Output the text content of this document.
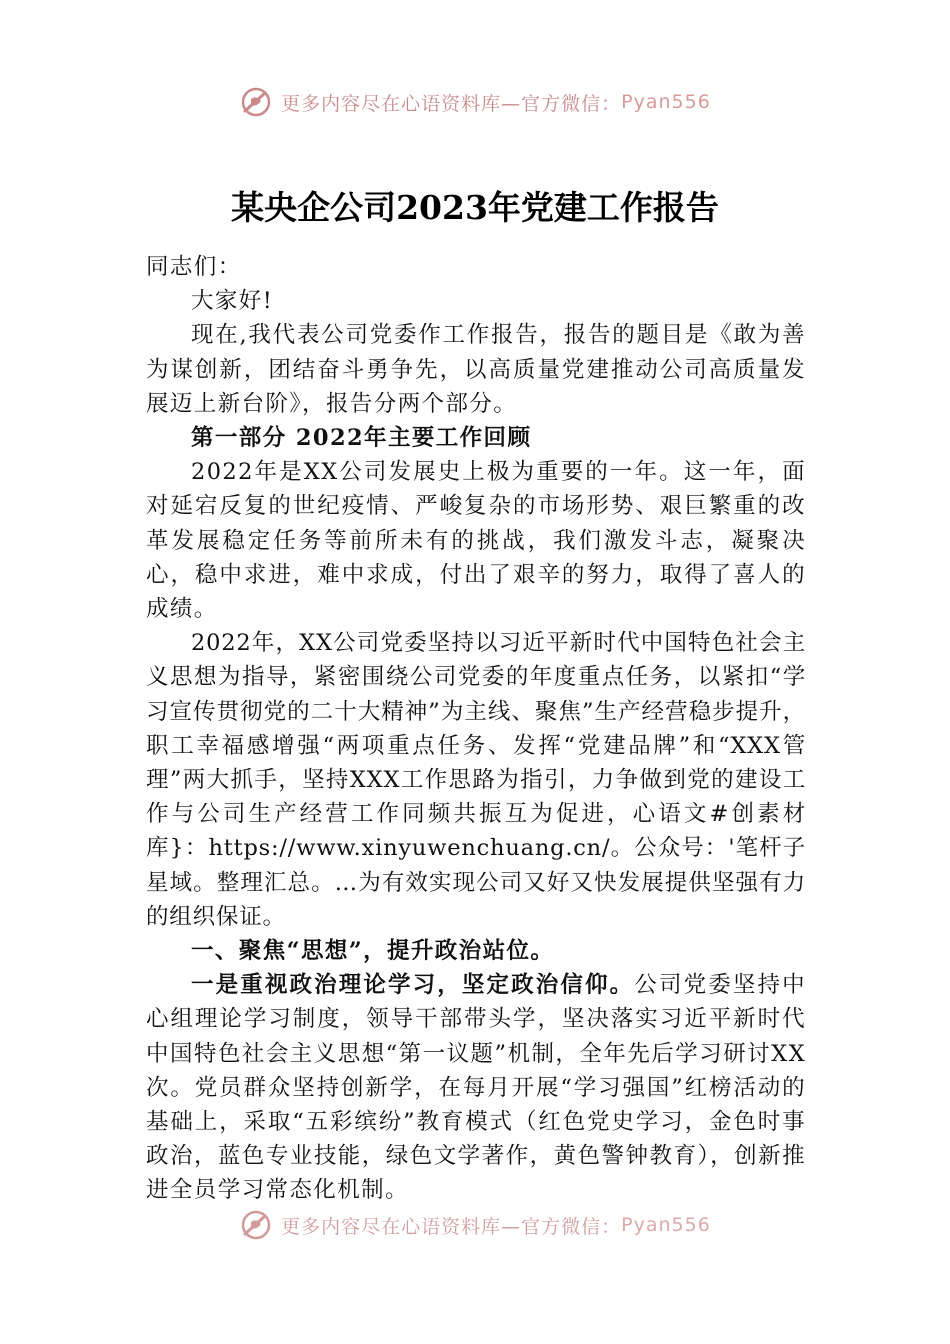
更多内容尽在心语资料库—官方微信： Pyan556
某央企公司2023年党建工作报告

同志们：

大家好!

现在,我代表公司党委作工作报告，报告的题目是《敢为善为谋创新，团结奋斗勇争先，以高质量党建推动公司高质量发展迈上新台阶》，报告分两个部分。

第一部分 2022年主要工作回顾

2022年是XX公司发展史上极为重要的一年。这一年，面对延宕反复的世纪疫情、严峻复杂的市场形势、艰巨繁重的改革发展稳定任务等前所未有的挑战，我们激发斗志，凝聚决心，稳中求进，难中求成，付出了艰辛的努力，取得了喜人的成绩。

2022年，XX公司党委坚持以习近平新时代中国特色社会主义思想为指导，紧密围绕公司党委的年度重点任务，以紧扣“学习宣传贯彻党的二十大精神”为主线、聚焦”生产经营稳步提升，职工幸福感增强“两项重点任务、发挥“党建品牌”和“XXX管理”两大抓手，坚持XXX工作思路为指引，力争做到党的建设工作与公司生产经营工作同频共振互为促进，心语文#创素材库}：https://www.xinyuwenchuang.cn/。公众号：'笔杆子星域。整理汇总。…为有效实现公司又好又快发展提供坚强有力的组织保证。

一、聚焦“思想”，提升政治站位。

一是重视政治理论学习，坚定政治信仰。公司党委坚持中心组理论学习制度，领导干部带头学，坚决落实习近平新时代中国特色社会主义思想“第一议题”机制，全年先后学习研讨XX次。党员群众坚持创新学，在每月开展“学习强国”红榜活动的基础上，采取“五彩缤纷”教育模式（红色党史学习，金色时事政治，蓝色专业技能，绿色文学著作，黄色警钟教育），创新推进全员学习常态化机制。

更多内容尽在心语资料库—官方微信： Pyan556
